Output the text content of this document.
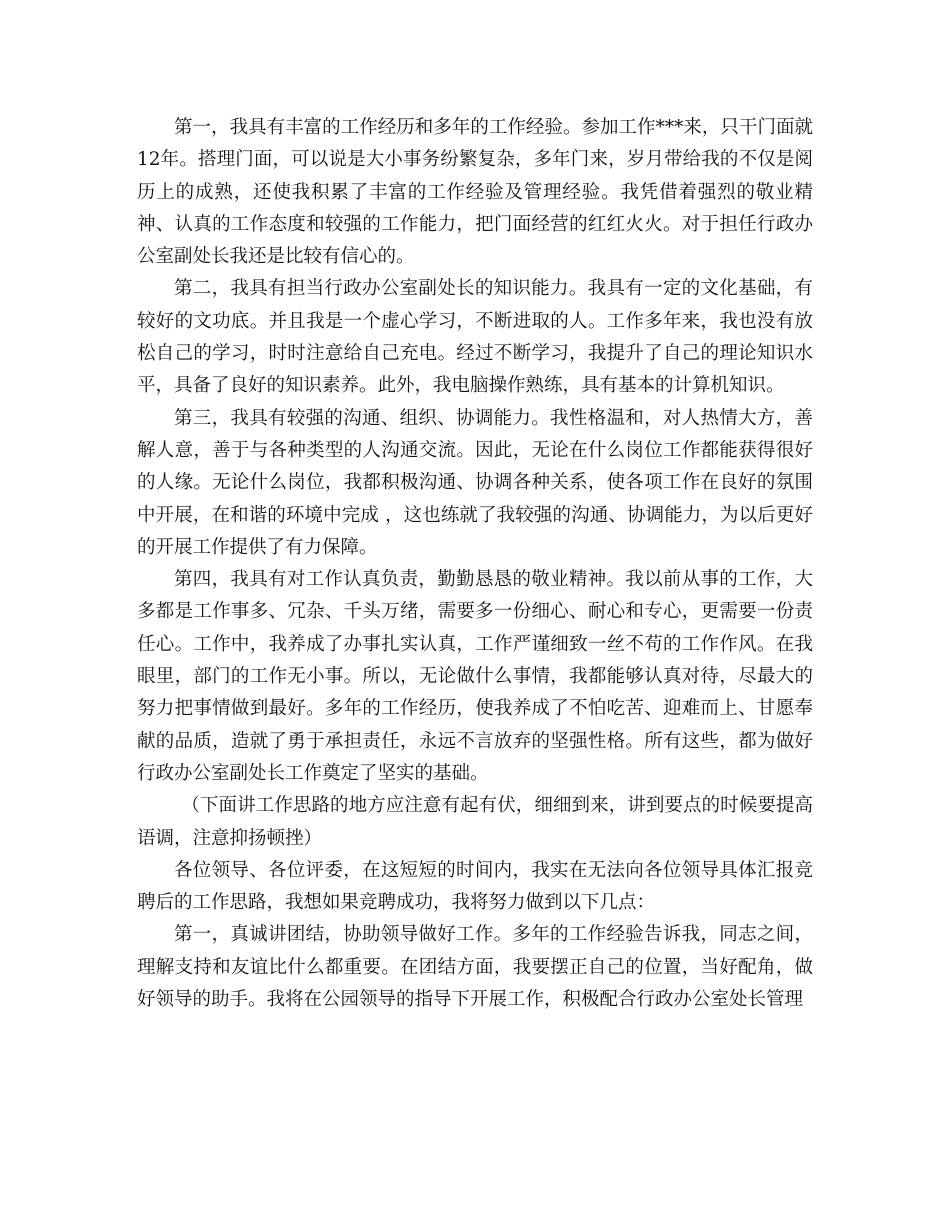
第一，我具有丰富的工作经历和多年的工作经验。参加工作***来，只干门面就12年。搭理门面，可以说是大小事务纷繁复杂，多年门来，岁月带给我的不仅是阅历上的成熟，还使我积累了丰富的工作经验及管理经验。我凭借着强烈的敬业精神、认真的工作态度和较强的工作能力，把门面经营的红红火火。对于担任行政办公室副处长我还是比较有信心的。

第二，我具有担当行政办公室副处长的知识能力。我具有一定的文化基础，有较好的文功底。并且我是一个虚心学习，不断进取的人。工作多年来，我也没有放松自己的学习，时时注意给自己充电。经过不断学习，我提升了自己的理论知识水平，具备了良好的知识素养。此外，我电脑操作熟练，具有基本的计算机知识。

第三，我具有较强的沟通、组织、协调能力。我性格温和，对人热情大方，善解人意，善于与各种类型的人沟通交流。因此，无论在什么岗位工作都能获得很好的人缘。无论什么岗位，我都积极沟通、协调各种关系，使各项工作在良好的氛围中开展，在和谐的环境中完成 ，这也练就了我较强的沟通、协调能力，为以后更好的开展工作提供了有力保障。

第四，我具有对工作认真负责，勤勤恳恳的敬业精神。我以前从事的工作，大多都是工作事多、冗杂、千头万绪，需要多一份细心、耐心和专心，更需要一份责任心。工作中，我养成了办事扎实认真，工作严谨细致一丝不苟的工作作风。在我眼里，部门的工作无小事。所以，无论做什么事情，我都能够认真对待，尽最大的努力把事情做到最好。多年的工作经历，使我养成了不怕吃苦、迎难而上、甘愿奉献的品质，造就了勇于承担责任，永远不言放弃的坚强性格。所有这些，都为做好行政办公室副处长工作奠定了坚实的基础。

（下面讲工作思路的地方应注意有起有伏，细细到来，讲到要点的时候要提高语调，注意抑扬顿挫）

各位领导、各位评委，在这短短的时间内，我实在无法向各位领导具体汇报竞聘后的工作思路，我想如果竞聘成功，我将努力做到以下几点：

第一，真诚讲团结，协助领导做好工作。多年的工作经验告诉我，同志之间，理解支持和友谊比什么都重要。在团结方面，我要摆正自己的位置，当好配角，做好领导的助手。我将在公园领导的指导下开展工作，积极配合行政办公室处长管理
